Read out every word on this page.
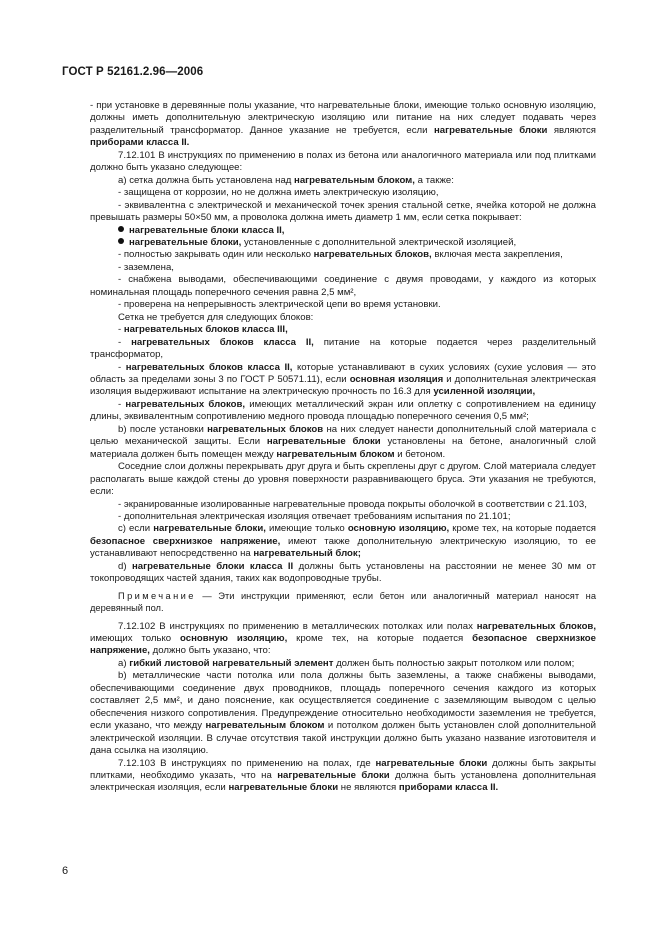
ГОСТ Р 52161.2.96—2006

- при установке в деревянные полы указание, что нагревательные блоки, имеющие только основную изоляцию, должны иметь дополнительную электрическую изоляцию или питание на них следует подавать через разделительный трансформатор. Данное указание не требуется, если нагревательные блоки являются приборами класса II.

7.12.101 В инструкциях по применению в полах из бетона или аналогичного материала или под плитками должно быть указано следующее:

а) сетка должна быть установлена над нагревательным блоком, а также:

- защищена от коррозии, но не должна иметь электрическую изоляцию,

- эквивалентна с электрической и механической точек зрения стальной сетке, ячейка которой не должна превышать размеры 50×50 мм, а проволока должна иметь диаметр 1 мм, если сетка покрывает:

нагревательные блоки класса II,

нагревательные блоки, установленные с дополнительной электрической изоляцией,

- полностью закрывать один или несколько нагревательных блоков, включая места закрепления,

- заземлена,

- снабжена выводами, обеспечивающими соединение с двумя проводами, у каждого из которых номинальная площадь поперечного сечения равна 2,5 мм²,

- проверена на непрерывность электрической цепи во время установки.

Сетка не требуется для следующих блоков:

- нагревательных блоков класса III,

- нагревательных блоков класса II, питание на которые подается через разделительный трансформатор,

- нагревательных блоков класса II, которые устанавливают в сухих условиях (сухие условия — это область за пределами зоны 3 по ГОСТ Р 50571.11), если основная изоляция и дополнительная электрическая изоляция выдерживают испытание на электрическую прочность по 16.3 для усиленной изоляции,

- нагревательных блоков, имеющих металлический экран или оплетку с сопротивлением на единицу длины, эквивалентным сопротивлению медного провода площадью поперечного сечения 0,5 мм²;

b) после установки нагревательных блоков на них следует нанести дополнительный слой материала с целью механической защиты. Если нагревательные блоки установлены на бетоне, аналогичный слой материала должен быть помещен между нагревательным блоком и бетоном.

Соседние слои должны перекрывать друг друга и быть скреплены друг с другом. Слой материала следует располагать выше каждой стены до уровня поверхности разравнивающего бруса. Эти указания не требуются, если:

- экранированные изолированные нагревательные провода покрыты оболочкой в соответствии с 21.103,

- дополнительная электрическая изоляция отвечает требованиям испытания по 21.101;

с) если нагревательные блоки, имеющие только основную изоляцию, кроме тех, на которые подается безопасное сверхнизкое напряжение, имеют также дополнительную электрическую изоляцию, то ее устанавливают непосредственно на нагревательный блок;

d) нагревательные блоки класса II должны быть установлены на расстоянии не менее 30 мм от токопроводящих частей здания, таких как водопроводные трубы.

Примечание — Эти инструкции применяют, если бетон или аналогичный материал наносят на деревянный пол.

7.12.102 В инструкциях по применению в металлических потолках или полах нагревательных блоков, имеющих только основную изоляцию, кроме тех, на которые подается безопасное сверхнизкое напряжение, должно быть указано, что:

а) гибкий листовой нагревательный элемент должен быть полностью закрыт потолком или полом;

b) металлические части потолка или пола должны быть заземлены, а также снабжены выводами, обеспечивающими соединение двух проводников, площадь поперечного сечения каждого из которых составляет 2,5 мм², и дано пояснение, как осуществляется соединение с заземляющим выводом с целью обеспечения низкого сопротивления. Предупреждение относительно необходимости заземления не требуется, если указано, что между нагревательным блоком и потолком должен быть установлен слой дополнительной электрической изоляции. В случае отсутствия такой инструкции должно быть указано название изготовителя и дана ссылка на изоляцию.

7.12.103 В инструкциях по применению на полах, где нагревательные блоки должны быть закрыты плитками, необходимо указать, что на нагревательные блоки должна быть установлена дополнительная электрическая изоляция, если нагревательные блоки не являются приборами класса II.

6
